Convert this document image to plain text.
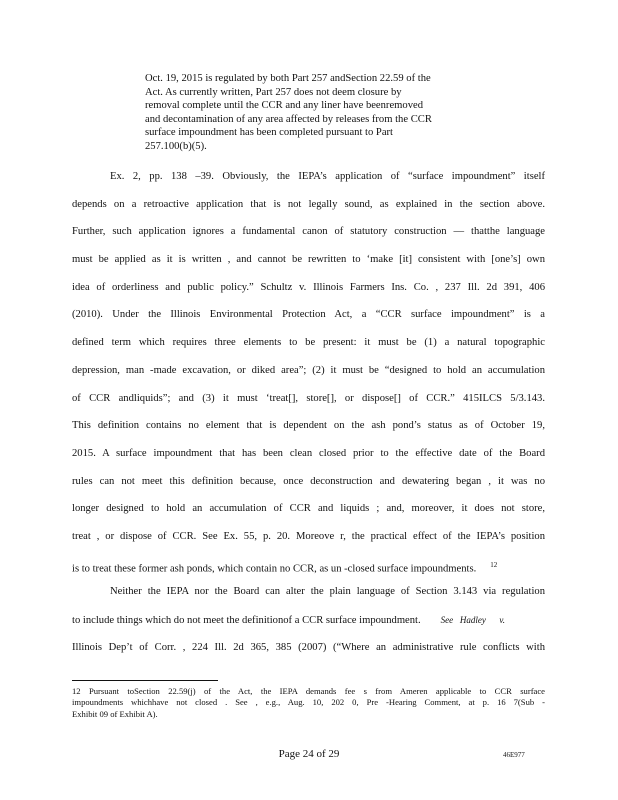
Oct. 19, 2015 is regulated by both Part 257 andSection 22.59 of the
Act. As currently written, Part 257 does not deem closure by
removal complete until the CCR and any liner have beenremoved
and decontamination of any area affected by releases from the CCR
surface impoundment has been completed pursuant to Part
257.100(b)(5).
Ex. 2, pp. 138 –39. Obviously, the IEPA’s application of “surface impoundment” itself
depends on a retroactive application that is not legally sound, as explained in the section above.
Further, such application ignores a fundamental canon of statutory construction — thatthe language
must be applied as it is written , and cannot be rewritten to ‘make [it] consistent with [one’s] own
idea of orderliness and public policy.” Schultz v. Illinois Farmers Ins. Co. , 237 Ill. 2d 391, 406
(2010). Under the Illinois Environmental Protection Act, a “CCR surface impoundment” is a
defined term which requires three elements to be present: it must be (1) a natural topographic
depression, man -made excavation, or diked area”; (2) it must be “designed to hold an accumulation
of CCR andliquids”; and (3) it must ‘treat[], store[], or dispose[] of CCR.” 415ILCS 5/3.143.
This definition contains no element that is dependent on the ash pond’s status as of October 19,
2015. A surface impoundment that has been clean closed prior to the effective date of the Board
rules can not meet this definition because, once deconstruction and dewatering began , it was no
longer designed to hold an accumulation of CCR and liquids ; and, moreover, it does not store,
treat , or dispose of CCR. See Ex. 55, p. 20. Moreove r, the practical effect of the IEPA’s position
is to treat these former ash ponds, which contain no CCR, as un -closed surface impoundments. $^{12}$
Neither the IEPA nor the Board can alter the plain language of Section 3.143 via regulation
to include things which do not meet the definitionof a CCR surface impoundment. See   Hadley      v.
Illinois Dep’t of Corr. , 224 Ill. 2d 365, 385 (2007) (“Where an administrative rule conflicts with
12 Pursuant toSection 22.59(j) of the Act, the IEPA demands fee s from Ameren applicable to CCR surface
impoundments whichhave not closed . See , e.g., Aug. 10, 202 0, Pre -Hearing Comment, at p. 16 7(Sub -
Exhibit 09 of Exhibit A).
Page 24 of 29	46E977
